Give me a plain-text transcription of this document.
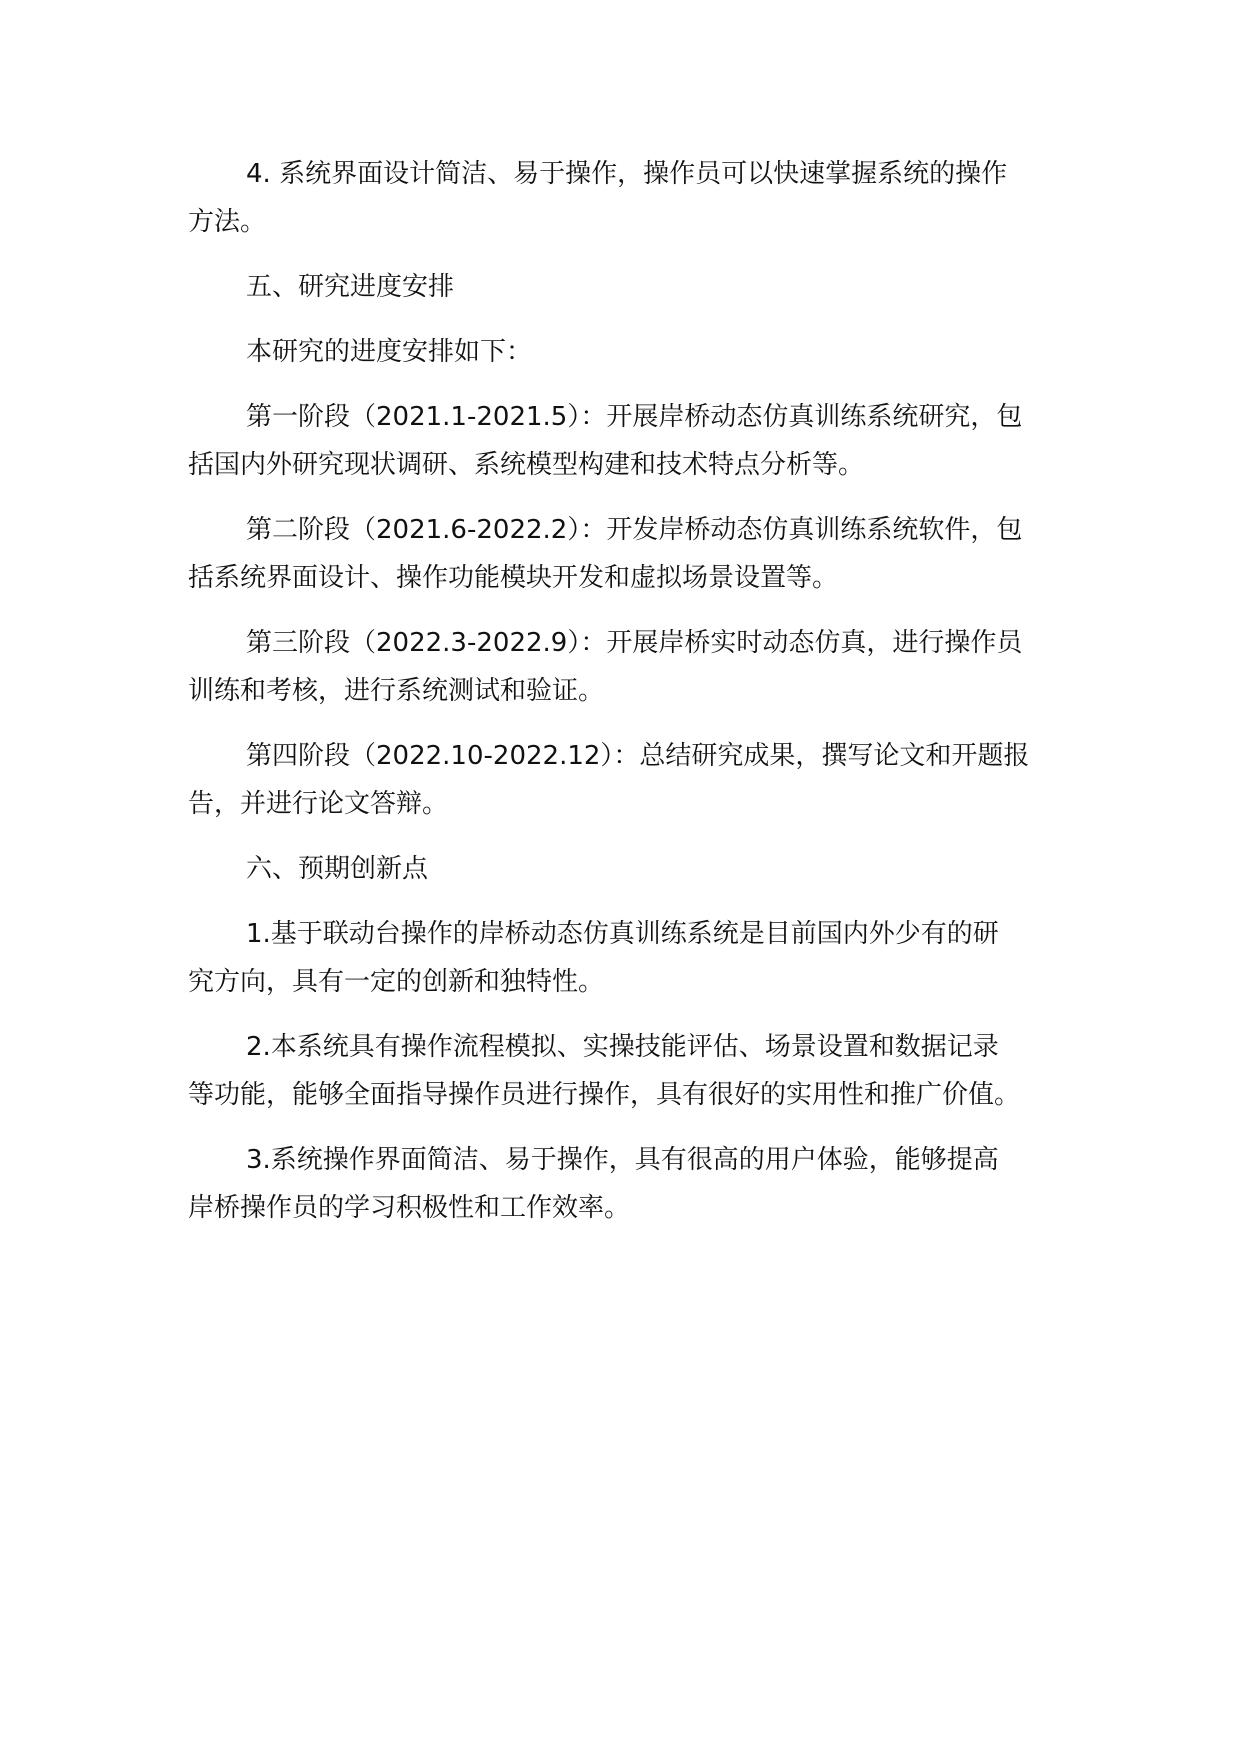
4. 系统界面设计简洁、易于操作，操作员可以快速掌握系统的操作
方法。

五、研究进度安排

本研究的进度安排如下：

第一阶段（2021.1-2021.5）：开展岸桥动态仿真训练系统研究，包
括国内外研究现状调研、系统模型构建和技术特点分析等。

第二阶段（2021.6-2022.2）：开发岸桥动态仿真训练系统软件，包
括系统界面设计、操作功能模块开发和虚拟场景设置等。

第三阶段（2022.3-2022.9）：开展岸桥实时动态仿真，进行操作员
训练和考核，进行系统测试和验证。

第四阶段（2022.10-2022.12）：总结研究成果，撰写论文和开题报
告，并进行论文答辩。

六、预期创新点

1.基于联动台操作的岸桥动态仿真训练系统是目前国内外少有的研
究方向，具有一定的创新和独特性。

2.本系统具有操作流程模拟、实操技能评估、场景设置和数据记录
等功能，能够全面指导操作员进行操作，具有很好的实用性和推广价值。

3.系统操作界面简洁、易于操作，具有很高的用户体验，能够提高
岸桥操作员的学习积极性和工作效率。
